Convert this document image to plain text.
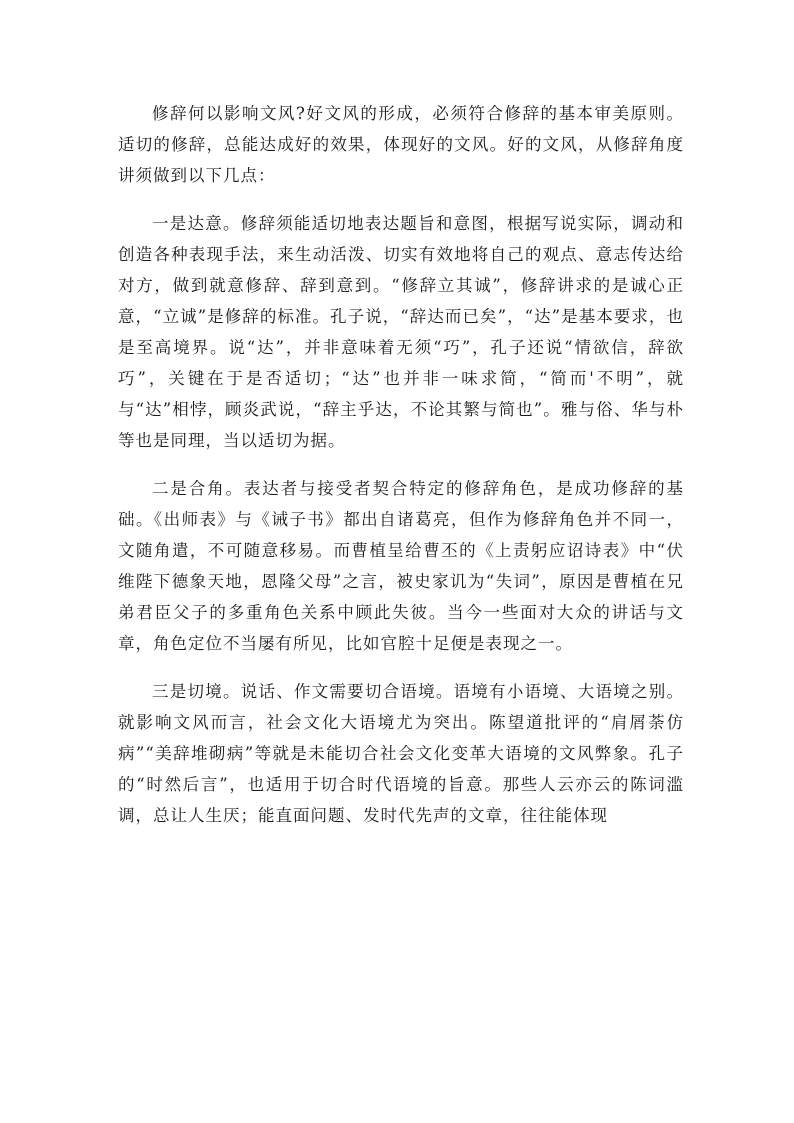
修辞何以影响文风?好文风的形成，必须符合修辞的基本审美原则。适切的修辞，总能达成好的效果，体现好的文风。好的文风，从修辞角度讲须做到以下几点：

一是达意。修辞须能适切地表达题旨和意图，根据写说实际，调动和创造各种表现手法，来生动活泼、切实有效地将自己的观点、意志传达给对方，做到就意修辞、辞到意到。“修辞立其诚”，修辞讲求的是诚心正意，“立诚”是修辞的标准。孔子说，“辞达而已矣”，“达”是基本要求，也是至高境界。说“达”，并非意味着无须“巧”，孔子还说“情欲信，辞欲巧”，关键在于是否适切；“达”也并非一味求简，“简而'不明”，就与“达”相悖，顾炎武说，“辞主乎达，不论其繁与简也”。雅与俗、华与朴等也是同理，当以适切为据。

二是合角。表达者与接受者契合特定的修辞角色，是成功修辞的基础。《出师表》与《诫子书》都出自诸葛亮，但作为修辞角色并不同一，文随角遣，不可随意移易。而曹植呈给曹丕的《上责躬应诏诗表》中“伏维陛下德象天地，恩隆父母”之言，被史家讥为“失词”，原因是曹植在兄弟君臣父子的多重角色关系中顾此失彼。当今一些面对大众的讲话与文章，角色定位不当屡有所见，比如官腔十足便是表现之一。

三是切境。说话、作文需要切合语境。语境有小语境、大语境之别。就影响文风而言，社会文化大语境尤为突出。陈望道批评的“肩屑荼仿病”“美辞堆砌病”等就是未能切合社会文化变革大语境的文风弊象。孔子的“时然后言”，也适用于切合时代语境的旨意。那些人云亦云的陈词滥调，总让人生厌；能直面问题、发时代先声的文章，往往能体现
